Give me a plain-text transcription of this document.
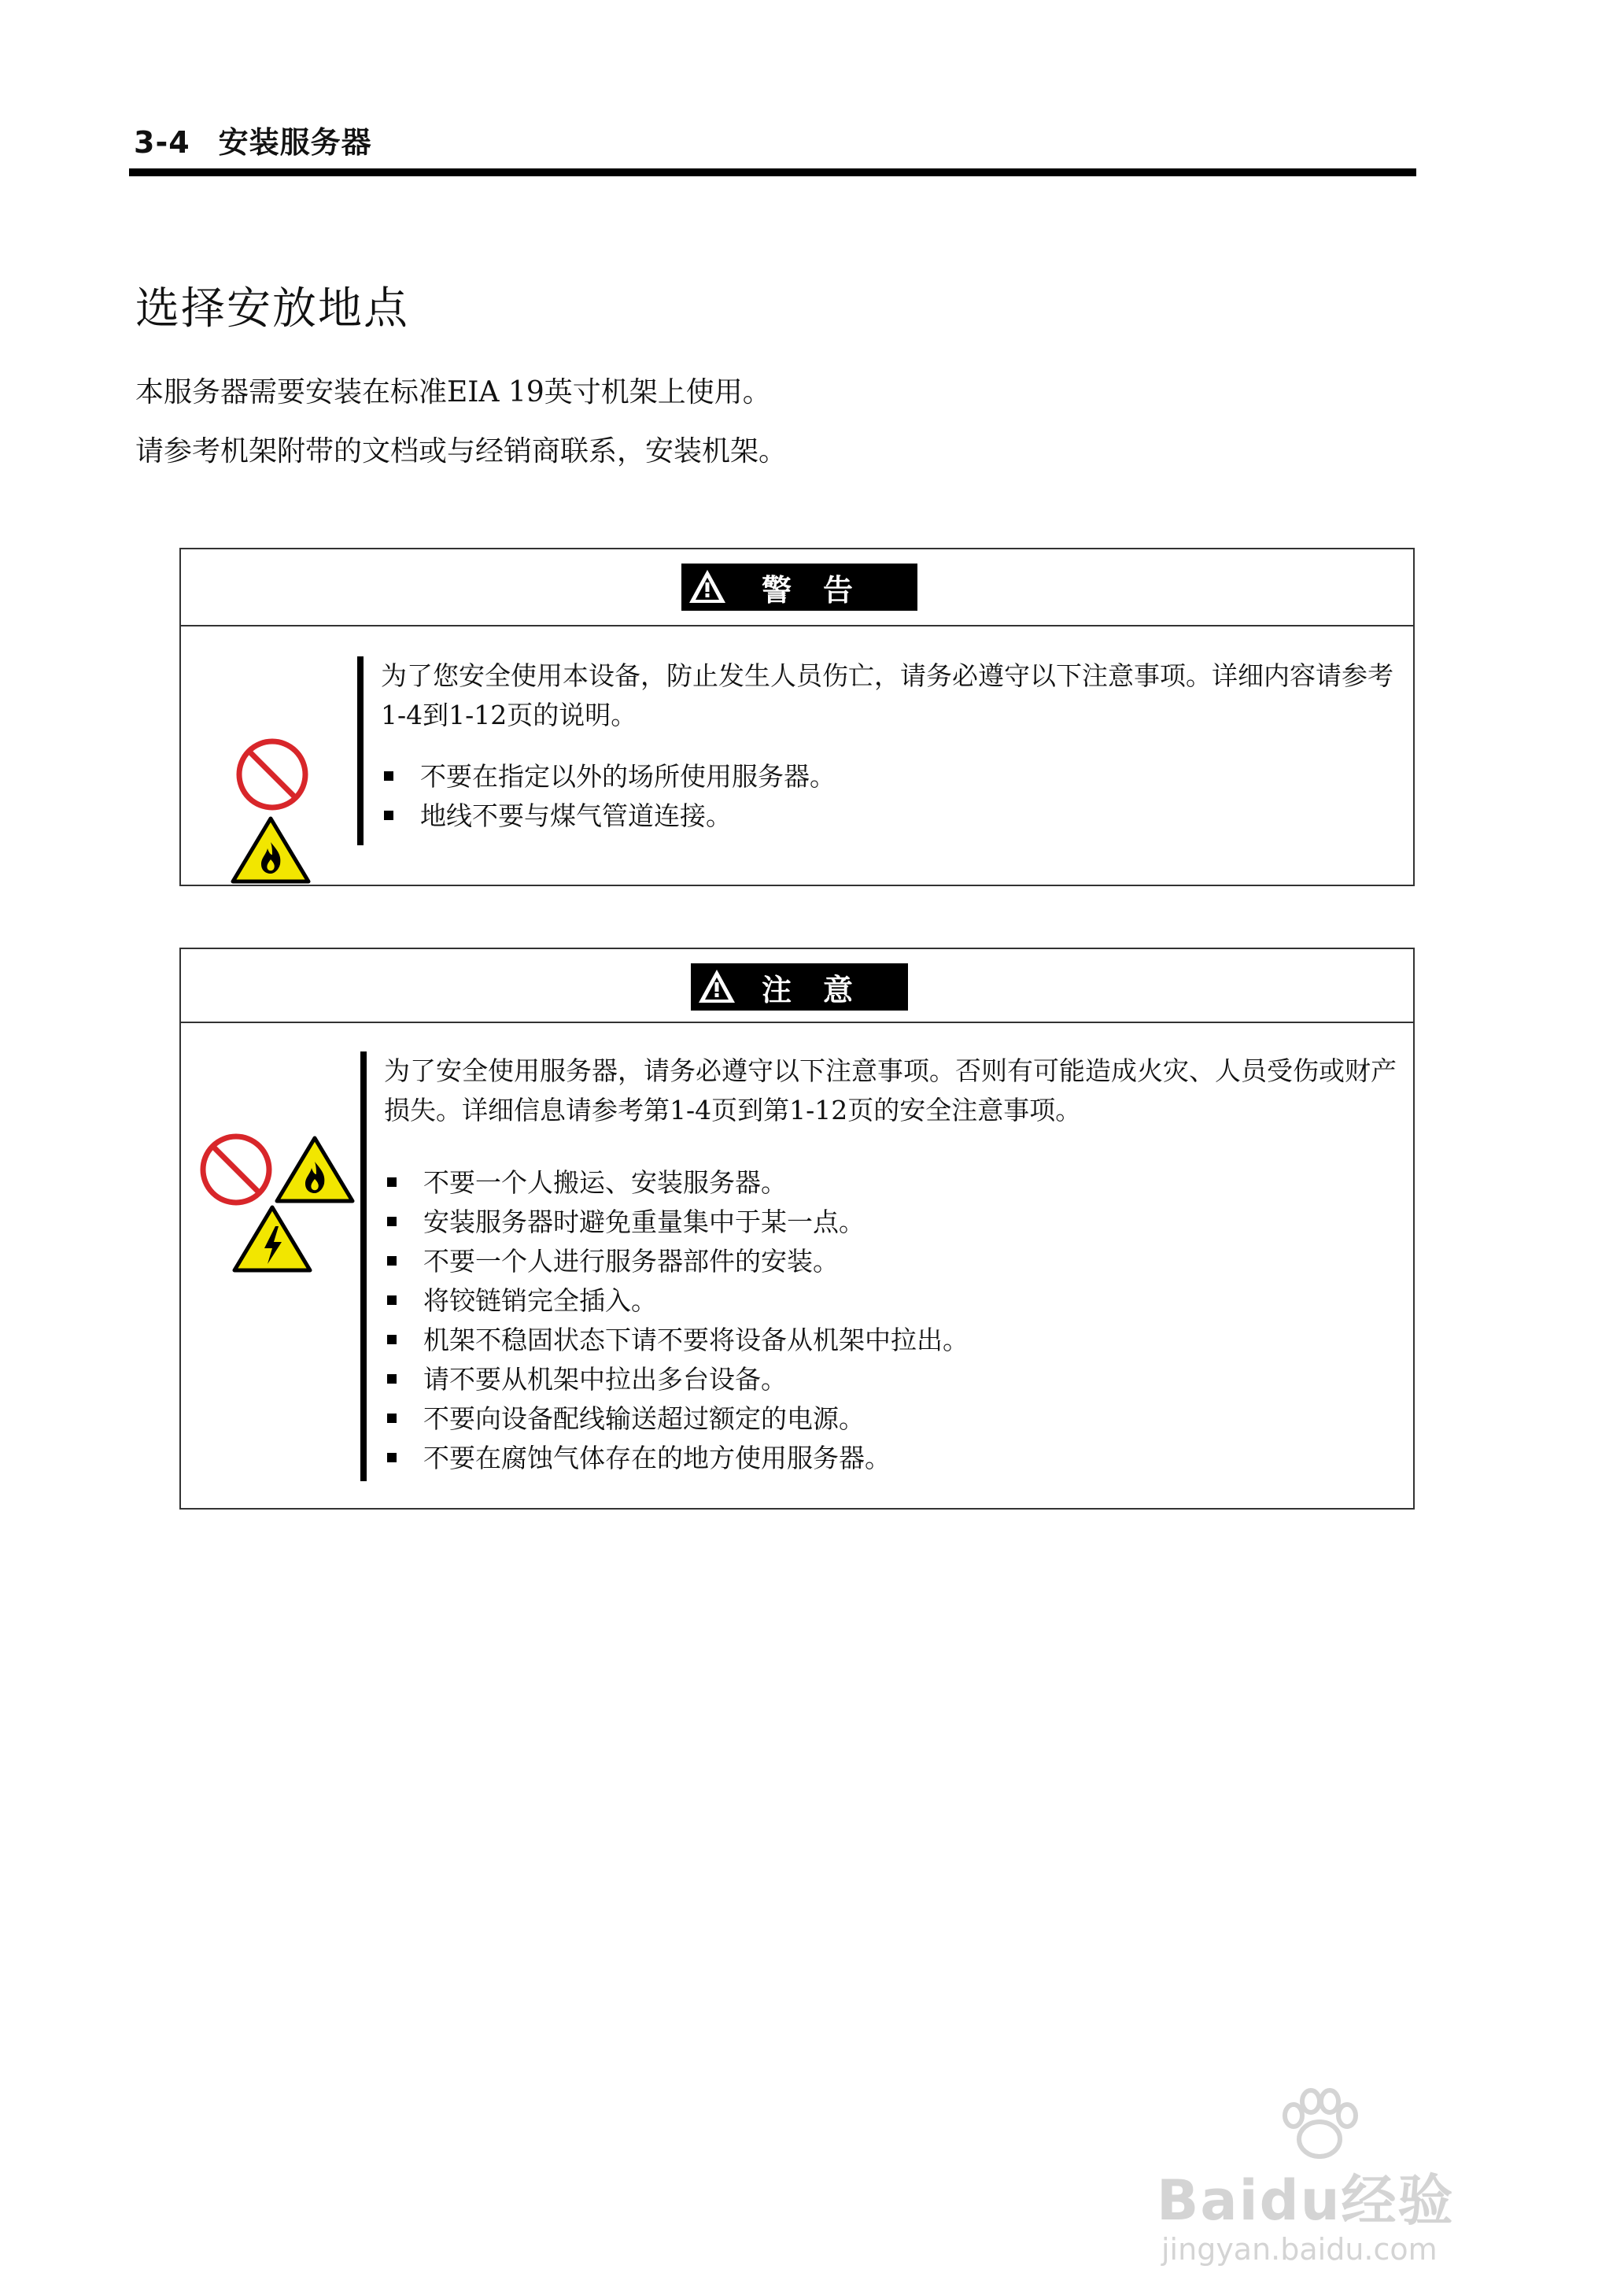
3-4 安装服务器
选择安放地点
本服务器需要安装在标准EIA 19英寸机架上使用。
请参考机架附带的文档或与经销商联系，安装机架。
警告

为了您安全使用本设备，防止发生人员伤亡，请务必遵守以下注意事项。详细内容请参考1-4到1-12页的说明。

不要在指定以外的场所使用服务器。
地线不要与煤气管道连接。
注意

为了安全使用服务器，请务必遵守以下注意事项。否则有可能造成火灾、人员受伤或财产损失。详细信息请参考第1-4页到第1-12页的安全注意事项。

不要一个人搬运、安装服务器。
安装服务器时避免重量集中于某一点。
不要一个人进行服务器部件的安装。
将铰链销完全插入。
机架不稳固状态下请不要将设备从机架中拉出。
请不要从机架中拉出多台设备。
不要向设备配线输送超过额定的电源。
不要在腐蚀气体存在的地方使用服务器。
Baidu经验
jingyan.baidu.com
